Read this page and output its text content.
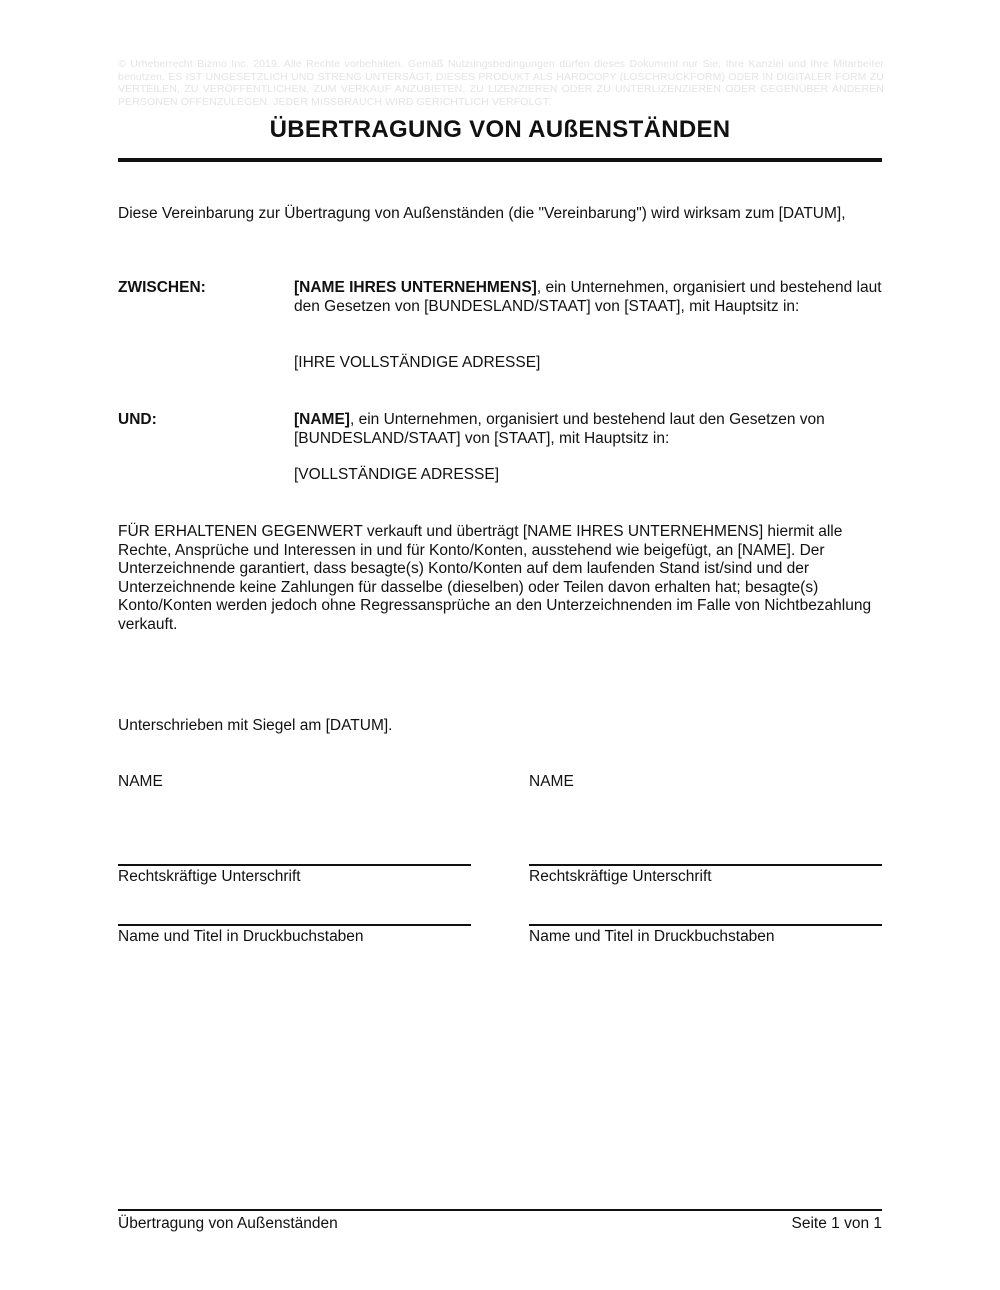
© Urheberrecht Bizmo Inc. 2019. Alle Rechte vorbehalten. Gemäß Nutzungsbedingungen dürfen dieses Dokument nur Sie, Ihre Kanzlei und Ihre Mitarbeiter benutzen. ES IST UNGESETZLICH UND STRENG UNTERSAGT, DIESES PRODUKT ALS HARDCOPY (LOSCHRUCKFORM) ODER IN DIGITALER FORM ZU VERTEILEN, ZU VERÖFFENTLICHEN, ZUM VERKAUF ANZUBIETEN, ZU LIZENZIEREN ODER ZU UNTERLIZENZIEREN ODER GEGENÜBER ANDEREN PERSONEN OFFENZULEGEN. JEDER MISSBRAUCH WIRD GERICHTLICH VERFOLGT.
ÜBERTRAGUNG VON AUßENSTÄNDEN

Diese Vereinbarung zur Übertragung von Außenständen (die "Vereinbarung") wird wirksam zum [DATUM],

ZWISCHEN:	[NAME IHRES UNTERNEHMENS], ein Unternehmen, organisiert und bestehend laut den Gesetzen von [BUNDESLAND/STAAT] von [STAAT], mit Hauptsitz in:

[IHRE VOLLSTÄNDIGE ADRESSE]

UND:	[NAME], ein Unternehmen, organisiert und bestehend laut den Gesetzen von [BUNDESLAND/STAAT] von [STAAT], mit Hauptsitz in:

[VOLLSTÄNDIGE ADRESSE]

FÜR ERHALTENEN GEGENWERT verkauft und überträgt [NAME IHRES UNTERNEHMENS] hiermit alle Rechte, Ansprüche und Interessen in und für Konto/Konten, ausstehend wie beigefügt, an [NAME]. Der Unterzeichnende garantiert, dass besagte(s) Konto/Konten auf dem laufenden Stand ist/sind und der Unterzeichnende keine Zahlungen für dasselbe (dieselben) oder Teilen davon erhalten hat; besagte(s) Konto/Konten werden jedoch ohne Regressansprüche an den Unterzeichnenden im Falle von Nichtbezahlung verkauft.

Unterschrieben mit Siegel am [DATUM].

NAME

Rechtskräftige Unterschrift

Name und Titel in Druckbuchstaben

NAME

Rechtskräftige Unterschrift

Name und Titel in Druckbuchstaben

Übertragung von Außenständen	Seite 1 von 1
